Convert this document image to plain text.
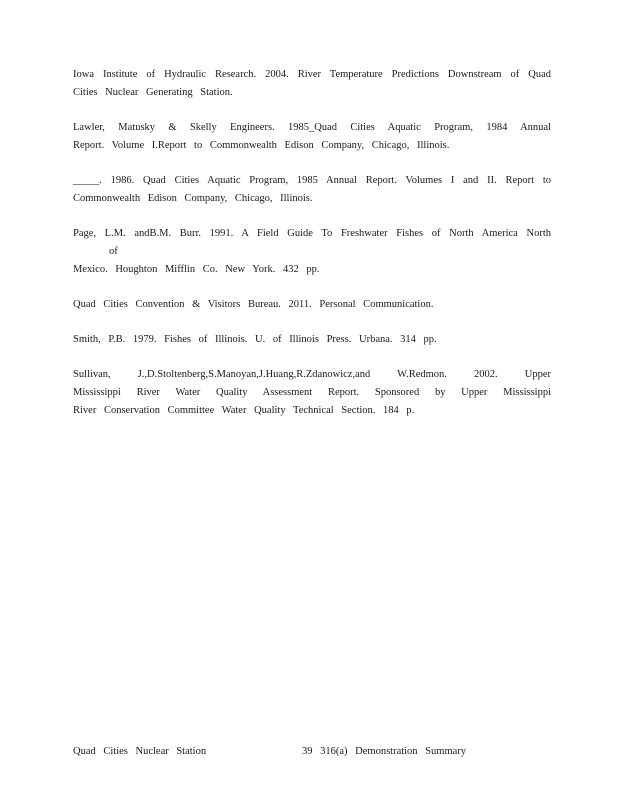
Iowa Institute of Hydraulic Research. 2004. River Temperature Predictions Downstream of Quad
Cities Nuclear Generating Station.
Lawler, Matusky & Skelly Engineers. 1985_Quad Cities Aquatic Program, 1984 Annual
Report. Volume I.Report to Commonwealth Edison Company, Chicago, Illinois.
_____. 1986. Quad Cities Aquatic Program, 1985 Annual Report. Volumes I and II. Report to
Commonwealth Edison Company, Chicago, Illinois.
Page, L.M. andB.M. Burr. 1991. A Field Guide To Freshwater Fishes of North America North of
Mexico. Houghton Mifflin Co. New York. 432 pp.
Quad Cities Convention & Visitors Bureau. 2011. Personal Communication.
Smith, P.B. 1979. Fishes of Illinois. U. of Illinois Press. Urbana. 314 pp.
Sullivan, J.,D.Stoltenberg,S.Manoyan,J.Huang,R.Zdanowicz,and W.Redmon. 2002. Upper
Mississippi River Water Quality Assessment Report. Sponsored by Upper Mississippi
River Conservation Committee Water Quality Technical Section. 184 p.
Quad Cities Nuclear Station	39 316(a) Demonstration Summary
